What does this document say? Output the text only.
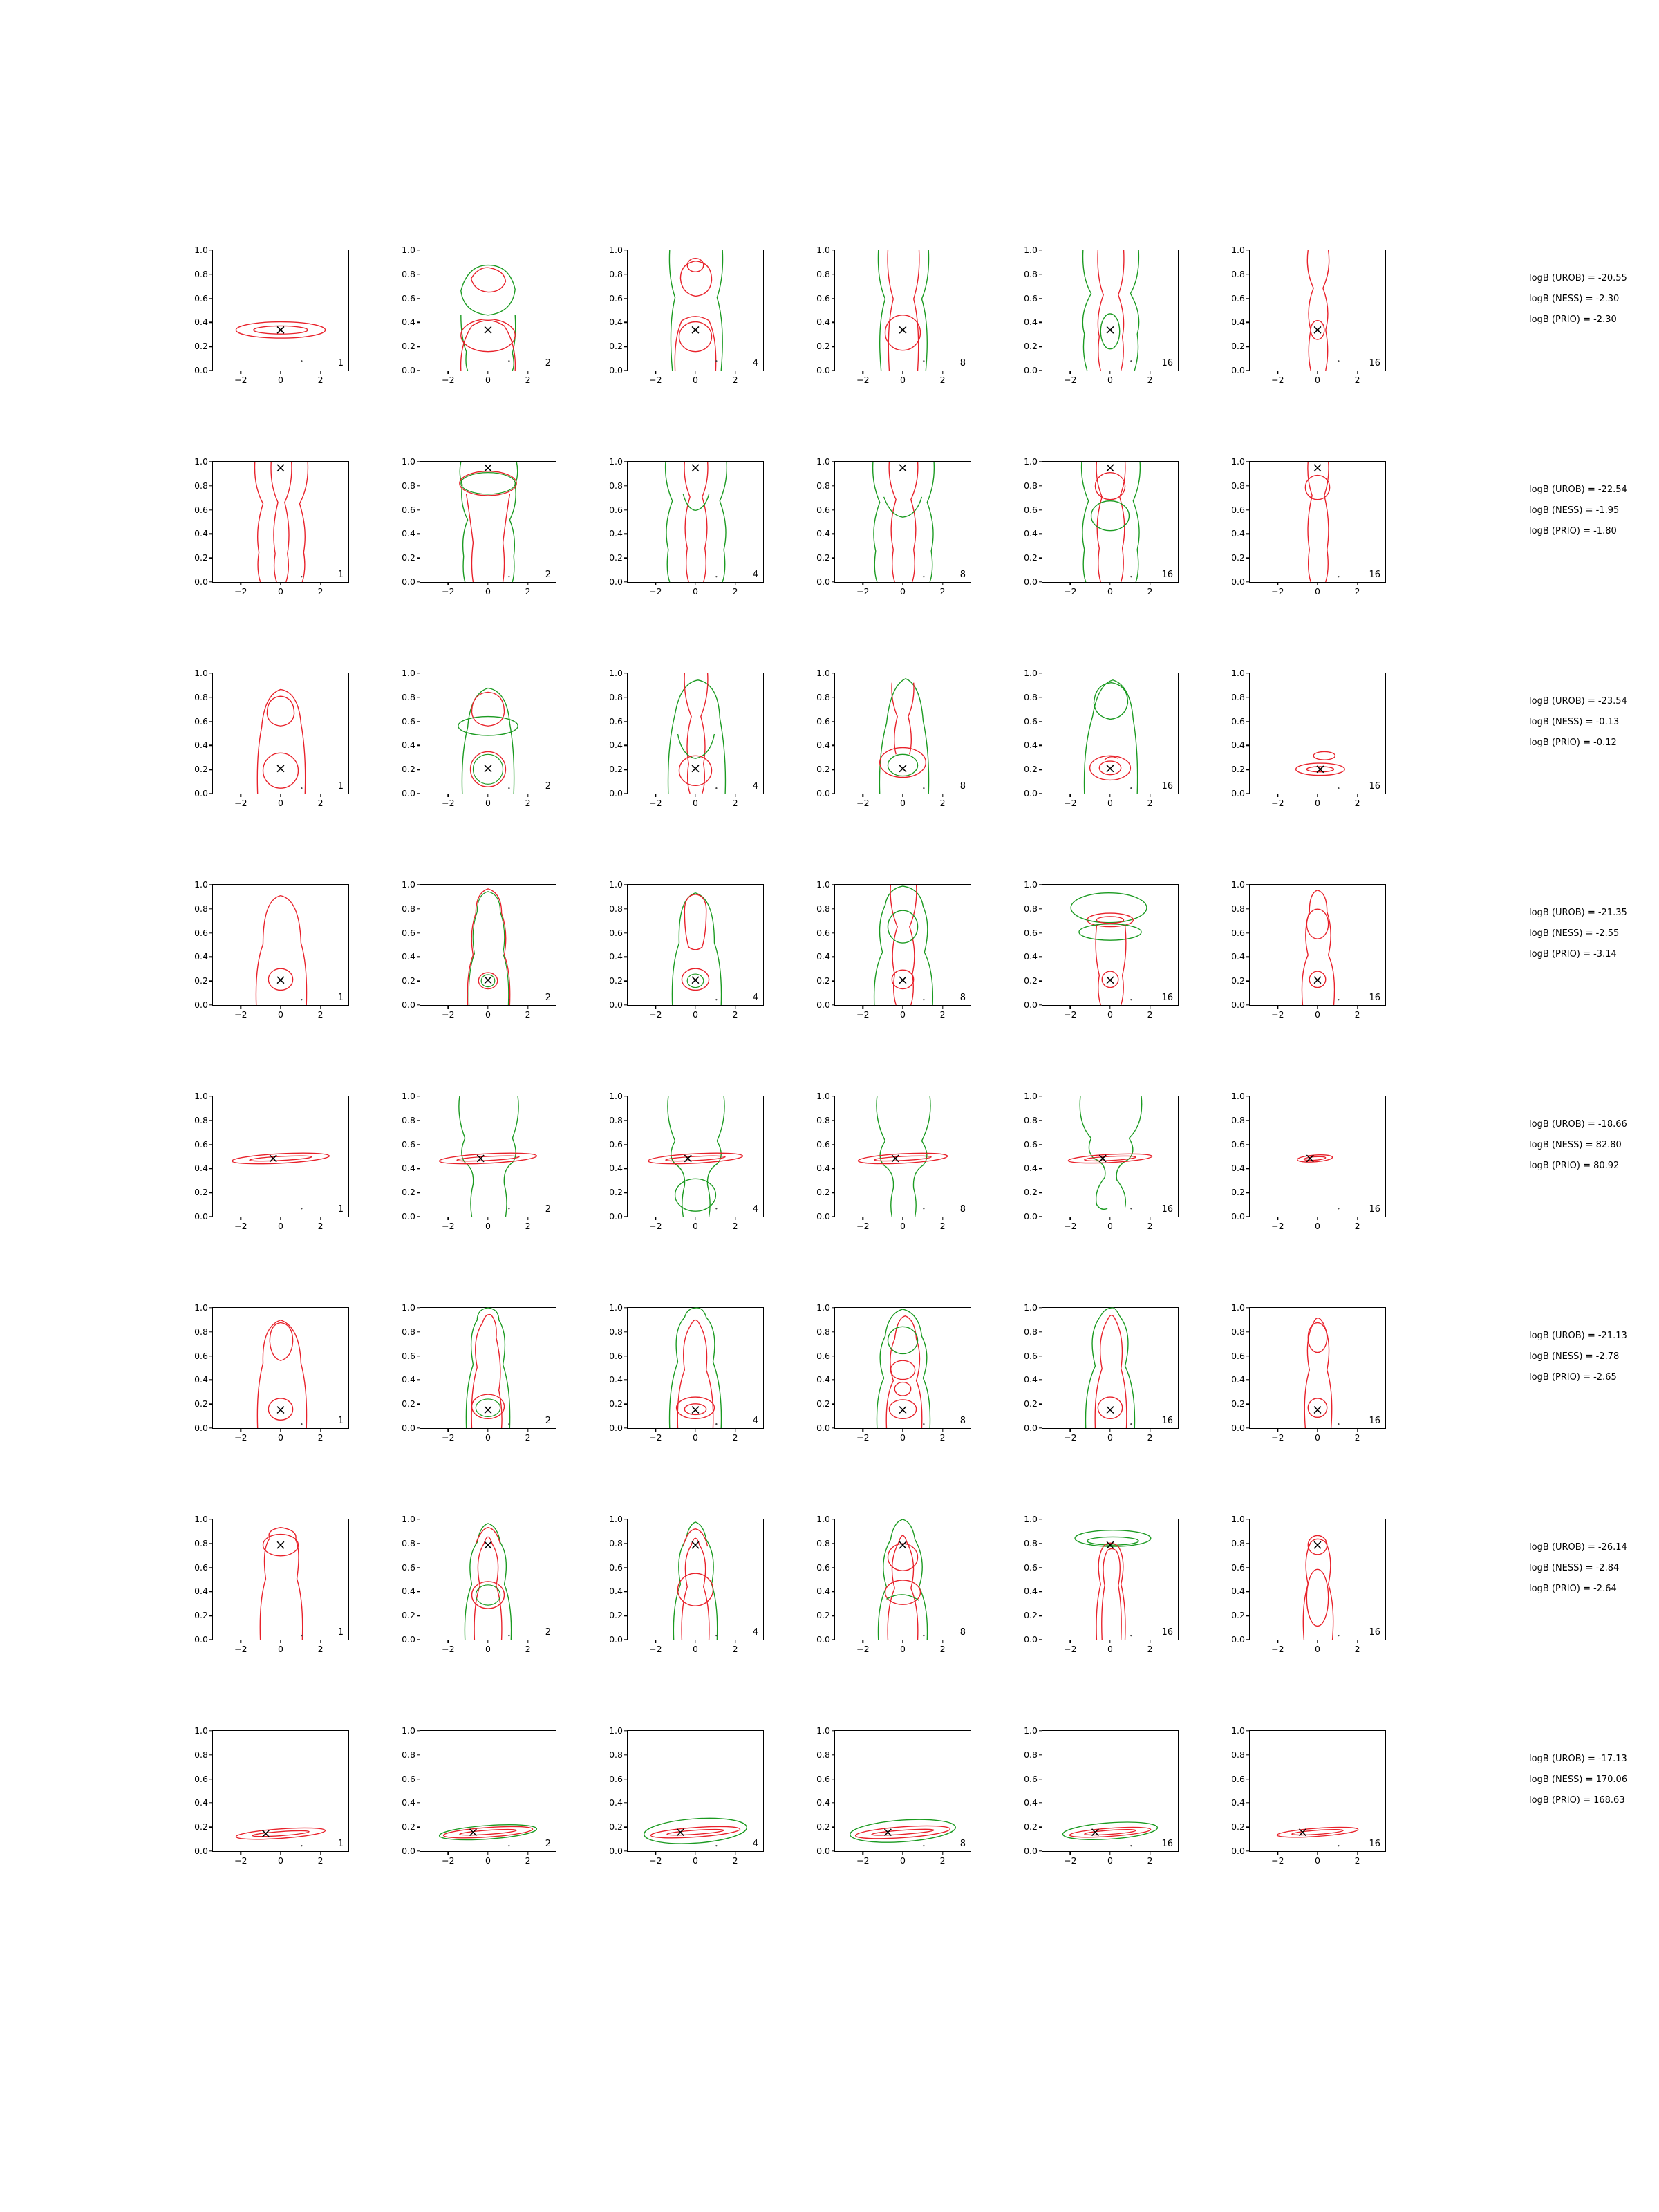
1
1.0
0.8
0.6
0.4
0.2
0.0
−2	0	2
2
1.0
0.8
0.6
0.4
0.2
0.0
−2	0	2
4
1.0
0.8
0.6
0.4
0.2
0.0
−2	0	2
8
1.0
0.8
0.6
0.4
0.2
0.0
−2	0	2
16
1.0
0.8
0.6
0.4
0.2
0.0
−2	0	2
16
1.0
0.8
0.6
0.4
0.2
0.0
−2	0	2
1
1.0
0.8
0.6
0.4
0.2
0.0
−2	0	2
2
1.0
0.8
0.6
0.4
0.2
0.0
−2	0	2
4
1.0
0.8
0.6
0.4
0.2
0.0
−2	0	2
8
1.0
0.8
0.6
0.4
0.2
0.0
−2	0	2
16
1.0
0.8
0.6
0.4
0.2
0.0
−2	0	2
16
1.0
0.8
0.6
0.4
0.2
0.0
−2	0	2
1
1.0
0.8
0.6
0.4
0.2
0.0
−2	0	2
2
1.0
0.8
0.6
0.4
0.2
0.0
−2	0	2
4
1.0
0.8
0.6
0.4
0.2
0.0
−2	0	2
8
1.0
0.8
0.6
0.4
0.2
0.0
−2	0	2
16
1.0
0.8
0.6
0.4
0.2
0.0
−2	0	2
16
1.0
0.8
0.6
0.4
0.2
0.0
−2	0	2
1
1.0
0.8
0.6
0.4
0.2
0.0
−2	0	2
2
1.0
0.8
0.6
0.4
0.2
0.0
−2	0	2
4
1.0
0.8
0.6
0.4
0.2
0.0
−2	0	2
8
1.0
0.8
0.6
0.4
0.2
0.0
−2	0	2
16
1.0
0.8
0.6
0.4
0.2
0.0
−2	0	2
16
1.0
0.8
0.6
0.4
0.2
0.0
−2	0	2
1
1.0
0.8
0.6
0.4
0.2
0.0
−2	0	2
2
1.0
0.8
0.6
0.4
0.2
0.0
−2	0	2
4
1.0
0.8
0.6
0.4
0.2
0.0
−2	0	2
8
1.0
0.8
0.6
0.4
0.2
0.0
−2	0	2
16
1.0
0.8
0.6
0.4
0.2
0.0
−2	0	2
16
1.0
0.8
0.6
0.4
0.2
0.0
−2	0	2
1
1.0
0.8
0.6
0.4
0.2
0.0
−2	0	2
2
1.0
0.8
0.6
0.4
0.2
0.0
−2	0	2
4
1.0
0.8
0.6
0.4
0.2
0.0
−2	0	2
8
1.0
0.8
0.6
0.4
0.2
0.0
−2	0	2
16
1.0
0.8
0.6
0.4
0.2
0.0
−2	0	2
16
1.0
0.8
0.6
0.4
0.2
0.0
−2	0	2
1
1.0
0.8
0.6
0.4
0.2
0.0
−2	0	2
2
1.0
0.8
0.6
0.4
0.2
0.0
−2	0	2
4
1.0
0.8
0.6
0.4
0.2
0.0
−2	0	2
8
1.0
0.8
0.6
0.4
0.2
0.0
−2	0	2
16
1.0
0.8
0.6
0.4
0.2
0.0
−2	0	2
16
1.0
0.8
0.6
0.4
0.2
0.0
−2	0	2
1
1.0
0.8
0.6
0.4
0.2
0.0
−2	0	2
2
1.0
0.8
0.6
0.4
0.2
0.0
−2	0	2
4
1.0
0.8
0.6
0.4
0.2
0.0
−2	0	2
8
1.0
0.8
0.6
0.4
0.2
0.0
−2	0	2
16
1.0
0.8
0.6
0.4
0.2
0.0
−2	0	2
16
1.0
0.8
0.6
0.4
0.2
0.0
−2	0	2
logB (UROB) = -20.55
logB (NESS) = -2.30
logB (PRIO) = -2.30
logB (UROB) = -22.54
logB (NESS) = -1.95
logB (PRIO) = -1.80
logB (UROB) = -23.54
logB (NESS) = -0.13
logB (PRIO) = -0.12
logB (UROB) = -21.35
logB (NESS) = -2.55
logB (PRIO) = -3.14
logB (UROB) = -18.66
logB (NESS) = 82.80
logB (PRIO) = 80.92
logB (UROB) = -21.13
logB (NESS) = -2.78
logB (PRIO) = -2.65
logB (UROB) = -26.14
logB (NESS) = -2.84
logB (PRIO) = -2.64
logB (UROB) = -17.13
logB (NESS) = 170.06
logB (PRIO) = 168.63
